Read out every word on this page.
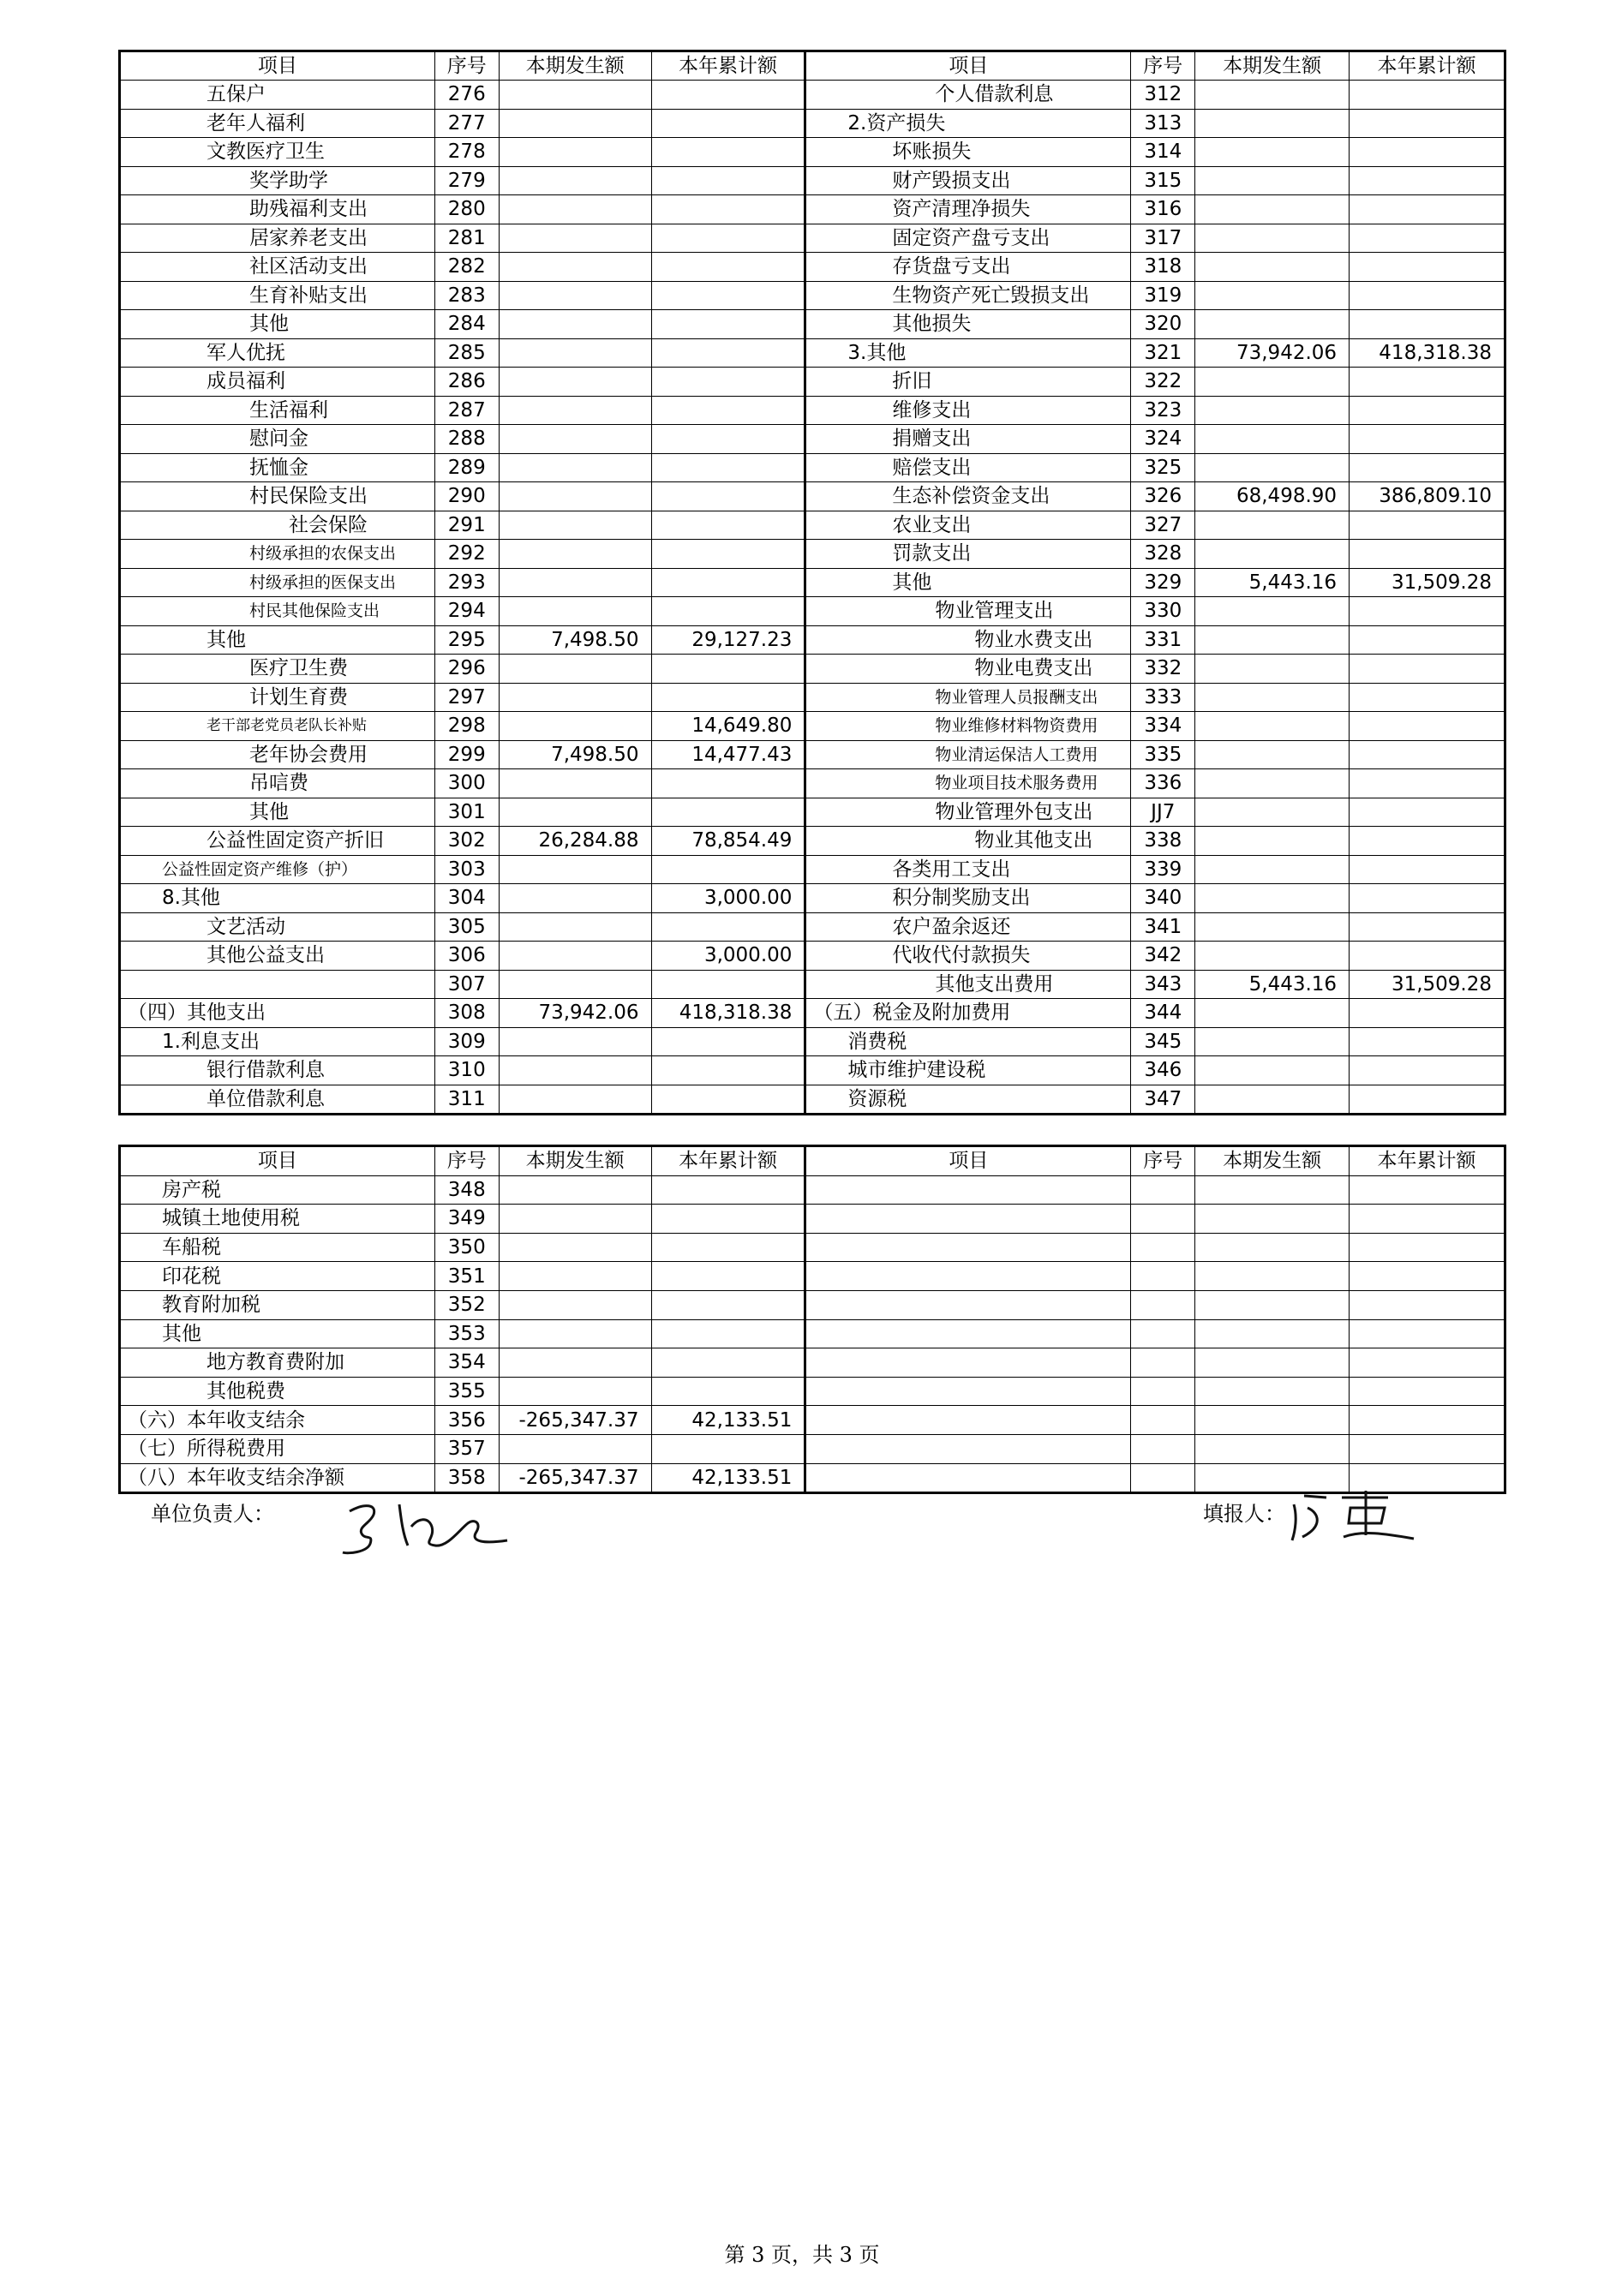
项目	序号	本期发生额	本年累计额	项目	序号	本期发生额	本年累计额
五保户	276			个人借款利息	312		
老年人福利	277			2.资产损失	313		
文教医疗卫生	278			坏账损失	314		
奖学助学	279			财产毁损支出	315		
助残福利支出	280			资产清理净损失	316		
居家养老支出	281			固定资产盘亏支出	317		
社区活动支出	282			存货盘亏支出	318		
生育补贴支出	283			生物资产死亡毁损支出	319		
其他	284			其他损失	320		
军人优抚	285			3.其他	321	73,942.06	418,318.38
成员福利	286			折旧	322		
生活福利	287			维修支出	323		
慰问金	288			捐赠支出	324		
抚恤金	289			赔偿支出	325		
村民保险支出	290			生态补偿资金支出	326	68,498.90	386,809.10
社会保险	291			农业支出	327		
村级承担的农保支出	292			罚款支出	328		
村级承担的医保支出	293			其他	329	5,443.16	31,509.28
村民其他保险支出	294			物业管理支出	330		
其他	295	7,498.50	29,127.23	物业水费支出	331		
医疗卫生费	296			物业电费支出	332		
计划生育费	297			物业管理人员报酬支出	333		
老干部老党员老队长补贴	298		14,649.80	物业维修材料物资费用	334		
老年协会费用	299	7,498.50	14,477.43	物业清运保洁人工费用	335		
吊唁费	300			物业项目技术服务费用	336		
其他	301			物业管理外包支出	JJ7		
公益性固定资产折旧	302	26,284.88	78,854.49	物业其他支出	338		
公益性固定资产维修（护）	303			各类用工支出	339		
8.其他	304		3,000.00	积分制奖励支出	340		
文艺活动	305			农户盈余返还	341		
其他公益支出	306		3,000.00	代收代付款损失	342		
	307			其他支出费用	343	5,443.16	31,509.28
（四）其他支出	308	73,942.06	418,318.38	（五）税金及附加费用	344		
1.利息支出	309			消费税	345		
银行借款利息	310			城市维护建设税	346		
单位借款利息	311			资源税	347		
项目	序号	本期发生额	本年累计额	项目	序号	本期发生额	本年累计额
房产税	348						
城镇土地使用税	349						
车船税	350						
印花税	351						
教育附加税	352						
其他	353						
地方教育费附加	354						
其他税费	355						
（六）本年收支结余	356	-265,347.37	42,133.51				
（七）所得税费用	357						
（八）本年收支结余净额	358	-265,347.37	42,133.51				
单位负责人：	填报人：
第 3 页，共 3 页
